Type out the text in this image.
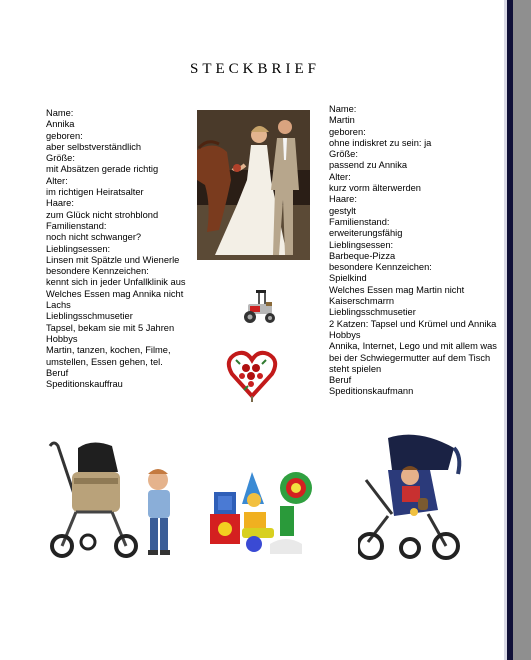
STECKBRIEF
Name:
Annika
geboren:
aber selbstverständlich
Größe:
mit Absätzen gerade richtig
Alter:
im richtigen Heiratsalter
Haare:
zum Glück nicht strohblond
Familienstand:
noch nicht schwanger?
Lieblingsessen:
Linsen mit Spätzle und Wienerle
besondere Kennzeichen:
kennt sich in jeder Unfallklinik aus
Welches Essen mag Annika nicht
Lachs
Lieblingsschmusetier
Tapsel, bekam sie mit 5 Jahren
Hobbys
Martin, tanzen, kochen, Filme,
umstellen, Essen gehen, tel.
Beruf
Speditionskauffrau
Name:
Martin
geboren:
ohne indiskret zu sein: ja
Größe:
passend zu Annika
Alter:
kurz vorm älterwerden
Haare:
gestylt
Familienstand:
erweiterungsfähig
Lieblingsessen:
Barbeque-Pizza
besondere Kennzeichen:
Spielkind
Welches Essen mag Martin nicht
Kaiserschmarrn
Lieblingsschmusetier
2 Katzen: Tapsel und Krümel und Annika
Hobbys
Annika, Internet, Lego und mit allem was
bei der Schwiegermutter auf dem Tisch
steht spielen
Beruf
Speditionskaufmann
